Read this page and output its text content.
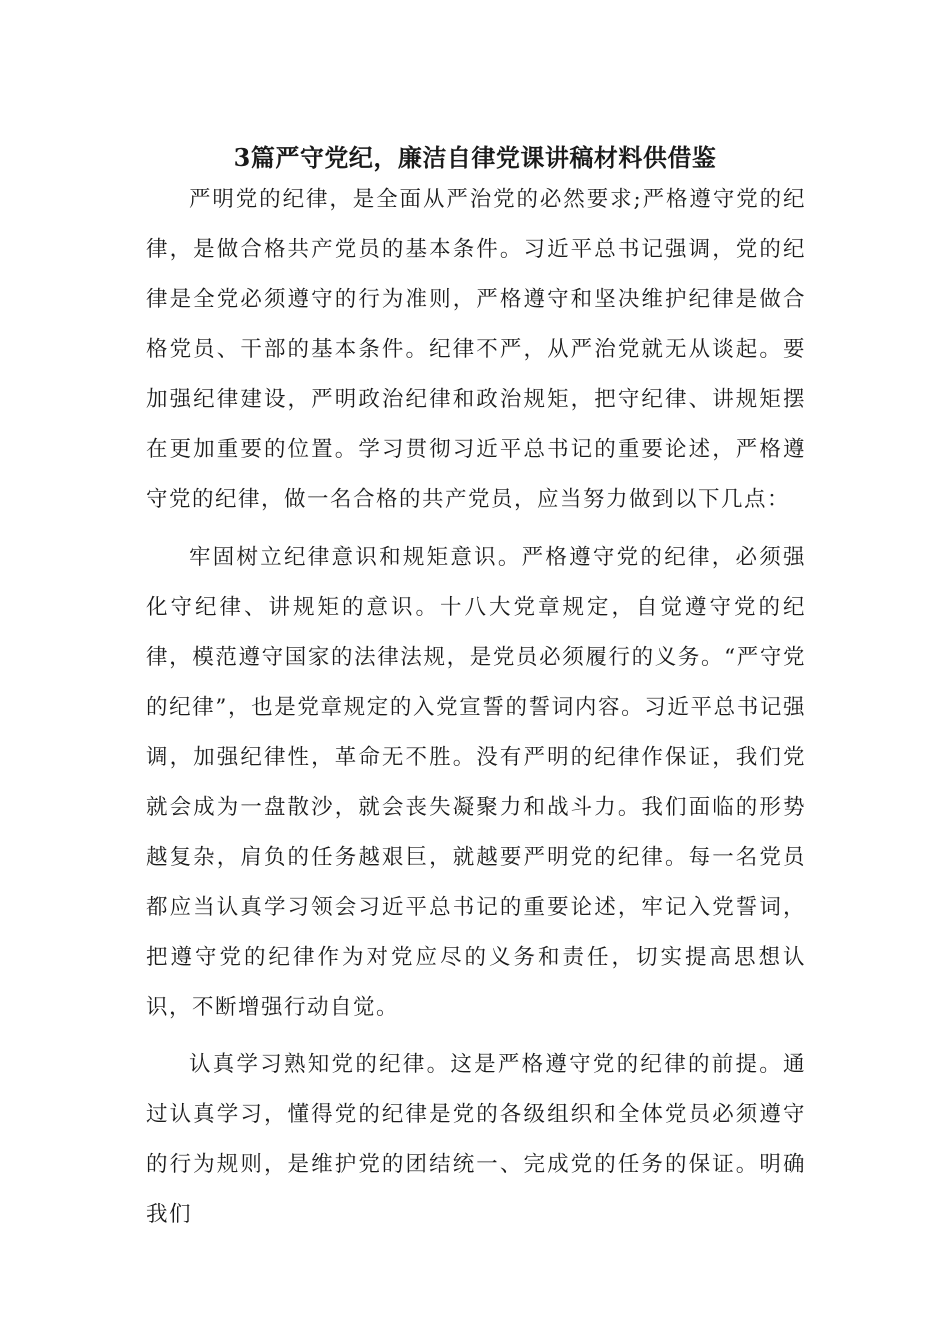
3篇严守党纪，廉洁自律党课讲稿材料供借鉴

严明党的纪律，是全面从严治党的必然要求;严格遵守党的纪律，是做合格共产党员的基本条件。习近平总书记强调，党的纪律是全党必须遵守的行为准则，严格遵守和坚决维护纪律是做合格党员、干部的基本条件。纪律不严，从严治党就无从谈起。要加强纪律建设，严明政治纪律和政治规矩，把守纪律、讲规矩摆在更加重要的位置。学习贯彻习近平总书记的重要论述，严格遵守党的纪律，做一名合格的共产党员，应当努力做到以下几点：

牢固树立纪律意识和规矩意识。严格遵守党的纪律，必须强化守纪律、讲规矩的意识。十八大党章规定，自觉遵守党的纪律，模范遵守国家的法律法规，是党员必须履行的义务。“严守党的纪律”，也是党章规定的入党宣誓的誓词内容。习近平总书记强调，加强纪律性，革命无不胜。没有严明的纪律作保证，我们党就会成为一盘散沙，就会丧失凝聚力和战斗力。我们面临的形势越复杂，肩负的任务越艰巨，就越要严明党的纪律。每一名党员都应当认真学习领会习近平总书记的重要论述，牢记入党誓词，把遵守党的纪律作为对党应尽的义务和责任，切实提高思想认识，不断增强行动自觉。

认真学习熟知党的纪律。这是严格遵守党的纪律的前提。通过认真学习，懂得党的纪律是党的各级组织和全体党员必须遵守的行为规则，是维护党的团结统一、完成党的任务的保证。明确我们
